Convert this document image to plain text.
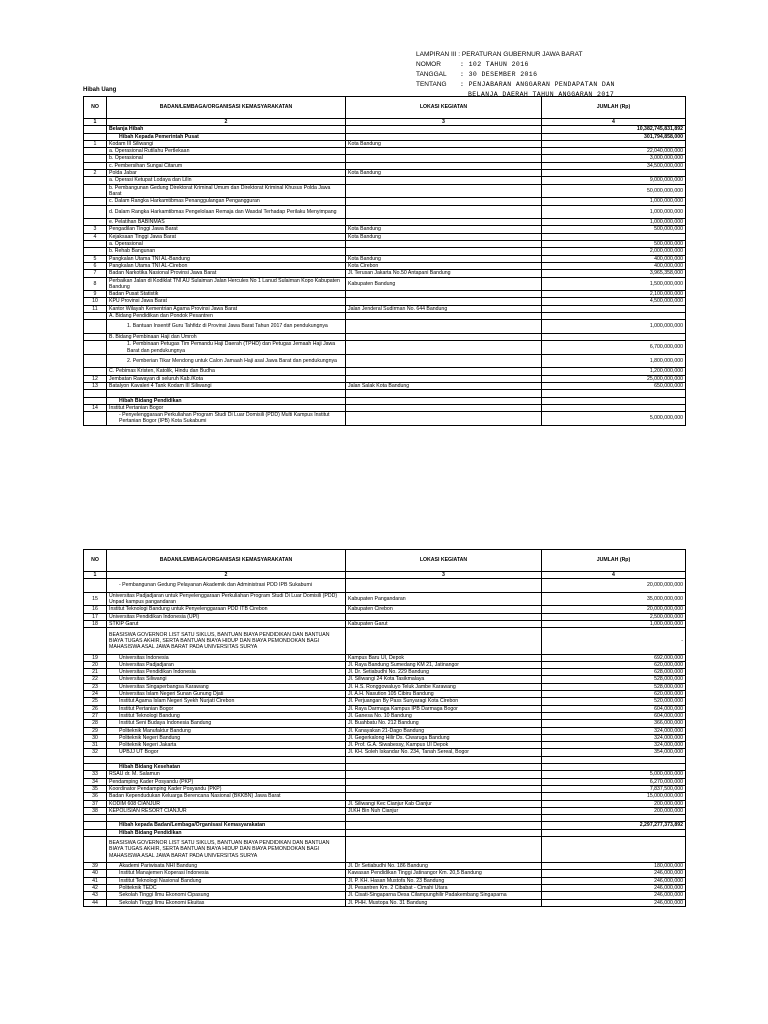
LAMPIRAN III : PERATURAN GUBERNUR JAWA BARAT
NOMOR	: 102 TAHUN 2016
TANGGAL : 30 DESEMBER 2016
TENTANG : PENJABARAN ANGGARAN PENDAPATAN DAN
BELANJA DAERAH TAHUN ANGGARAN 2017
Hibah Uang
NO	BADAN/LEMBAGA/ORGANISASI KEMASYARAKATAN	LOKASI KEGIATAN	JUMLAH (Rp)
1	2	3	4
	Belanja Hibah		10,382,745,831,892
	Hibah Kepada Pemerintah Pusat		301,794,858,000
1	Kodam III Siliwangi	Kota Bandung	
	a. Operasional Rutilahu Pertlekaan		22,040,000,000
	b. Operasional		3,000,000,000
	c. Pembersihan Sungai Citarum		34,500,000,000
2	Polda Jabar	Kota Bandung	
	a. Operasi Ketupat Lodaya dan Lilin		9,000,000,000
	b. Pembangunan Gedung Direktorat Kriminal Umum dan Direktorat Kriminal Khusus Polda Jawa Barat		50,000,000,000
	c. Dalam Rangka Harkamtibmas Penanggulangan Pengangguran		1,000,000,000
	d. Dalam Rangka Harkamtibmas Pengelolaan Remaja dan Wasdal Terhadap Perilaku Menyimpang		1,000,000,000
	e. Pelatihan BABINMAS		1,000,000,000
3	Pengadilan Tinggi Jawa Barat	Kota Bandung	500,000,000
4	Kejaksaan Tinggi Jawa Barat	Kota Bandung	
	a. Operasional		500,000,000
	b. Rehab Bangunan		2,000,000,000
5	Pangkalan Utama TNI AL-Bandung	Kota Bandung	400,000,000
6	Pangkalan Utama TNI AL-Cirebon	Kota Cirebon	400,000,000
7	Badan Narkotika Nasional Provinsi Jawa Barat	Jl. Terusan Jakarta No.50 Antapani Bandung	3,965,358,000
8	Perbaikan Jalan di Kodiklat TNI AU Sulaiman Jalan Hercules No 1 Lanud Sulaiman Kopo Kabupaten Bandung	Kabupaten Bandung	1,500,000,000
9	Badan Pusat Statistik		2,100,000,000
10	KPU Provinsi Jawa Barat		4,500,000,000
11	Kantor Wilayah Kementrian Agama Provinsi Jawa Barat	Jalan Jenderal Sudirman No. 644 Bandung	
	A. Bidang Pendidikan dan Pondok Pesantren		
	1. Bantuan Insentif Guru Tahfidz di Provinsi Jawa Barat Tahun 2017 dan pendukungnya		1,000,000,000
	B. Bidang Pembinaan Haji dan Umroh		
	1. Pembinaan Petugas Tim Pemandu Haji Daerah (TPHD) dan Petugas Jemaah Haji Jawa Barat dan pendukungnya		6,700,000,000
	2. Pemberian Tikar Mendong untuk Calon Jamaah Haji asal Jawa Barat dan pendukungnya		1,800,000,000
	C. Pebimas Kristen, Katolik, Hindu dan Budha		1,200,000,000
12	Jembatan Rawayan di seluruh Kab./Kota		25,000,000,000
13	Batalyon Kavaleri 4 Tank Kodam III Siliwangi	Jalan Salak Kota Bandung	650,000,000

	Hibah Bidang Pendidikan		
14	Institut Pertanian Bogor		
	- Penyelenggaraan Perkuliahan Program Studi Di Luar Domisili (PDD) Multi Kampus Institut Pertanian Bogor (IPB) Kota Sukabumi		5,000,000,000
NO	BADAN/LEMBAGA/ORGANISASI KEMASYARAKATAN	LOKASI KEGIATAN	JUMLAH (Rp)
1	2	3	4
	- Pembangunan Gedung Pelayanan Akademik dan Administrasi PDD IPB Sukabumi		20,000,000,000
15	Universitas Padjadjaran untuk Penyelenggaraan Perkuliahan Program Studi Di Luar Domisili (PDD) Unpad kampus pangandaran	Kabupaten Pangandaran	35,000,000,000
16	Institut Teknologi Bandung untuk Penyelenggaraan PDD ITB Cirebon	Kabupaten Cirebon	20,000,000,000
17	Universitas Pendidikan Indonesia (UPI)		2,500,000,000
18	STKIP Garut	Kabupaten Garut	1,000,000,000
	BEASISWA GOVERNOR LIST SATU SIKLUS, BANTUAN BIAYA PENDIDIKAN DAN BANTUAN BIAYA TUGAS AKHIR, SERTA BANTUAN BIAYA HIDUP DAN BIAYA PEMONDOKAN BAGI MAHASISWA ASAL JAWA BARAT PADA UNIVERSITAS SURYA		-
19	Universitas Indonesia	Kampus Baru UI, Depok	692,000,000
20	Universitas Padjadjaran	Jl. Raya Bandung Sumedang KM 21, Jatinangor	620,000,000
21	Universitas Pendidikan Indonesia	Jl. Dr. Setiabudhi No. 229 Bandung	628,000,000
22	Universitas Siliwangi	Jl. Siliwangi 24 Kota Tasikmalaya	528,000,000
23	Universitas Singaperbangsa Karawang	Jl. H.S. Ronggowaluyo Teluk Jambe Karawang	528,000,000
24	Universitas Islam Negeri Sunan Gunung Djati	Jl. A.H. Nasution 105 Cibiru Bandung	620,000,000
25	Institut Agama Islam Negeri Syekh Nurjati Cirebon	Jl. Perjuangan By Pass Sunyaragi Kota Cirebon	520,000,000
26	Institut Pertanian Bogor	Jl. Raya Darmaga Kampus IPB Darmaga Bogor	604,000,000
27	Institut Teknologi Bandung	Jl. Ganesa No. 10 Bandung	604,000,000
28	Institut Seni Budaya Indonesia Bandung	Jl. Buahbatu No. 212 Bandung	366,000,000
29	Politeknik Manufaktur Bandung	Jl. Kanayakan 21-Dago Bandung	324,000,000
30	Politeknik Negeri Bandung	Jl. Gegerkalong Hilir Ds. Ciwaruga Bandung	324,000,000
31	Politeknik Negeri Jakarta	Jl. Prof. G.A. Siwabessy, Kampus UI Depok	324,000,000
32	UPBJJ UT Bogor	Jl. KH. Soleh Iskandar No. 234, Tanah Sereal, Bogor	354,000,000

	Hibah Bidang Kesehatan		
33	RSAU dr. M. Salamun		5,000,000,000
34	Pendamping Kader Posyandu (PKP)		6,270,000,000
35	Koordinator Pendamping Kader Posyandu (PKP)		7,837,500,000
36	Badan Kependudukan Keluarga Berencana Nasional (BKKBN) Jawa Barat		15,000,000,000
37	KODIM 608 CIANJUR	Jl. Siliwangi Kec Cianjur Kab Cianjur	200,000,000
38	KEPOLISIAN RESORT CIANJUR	Jl.KH Bin Nuh Cianjur	200,000,000

	Hibah kepada Badan/Lembaga/Organisasi Kemasyarakatan		2,297,277,373,892
	Hibah Bidang Pendidikan		
	BEASISWA GOVERNOR LIST SATU SIKLUS, BANTUAN BIAYA PENDIDIKAN DAN BANTUAN BIAYA TUGAS AKHIR, SERTA BANTUAN BIAYA HIDUP DAN BIAYA PEMONDOKAN BAGI MAHASISWA ASAL JAWA BARAT PADA UNIVERSITAS SURYA		
39	Akademi Pariwisata NHI Bandung	Jl. Dr Setiabudhi No. 186 Bandung	180,000,000
40	Institut Manajemen Koperasi Indonesia	Kawasan Pendidikan Tinggi Jatinangor Km. 20,5 Bandung	246,000,000
41	Institut Teknologi Nasional Bandung	Jl. P. KH. Hasan Mustofa No. 23 Bandung	246,000,000
42	Politeknik TEDC	Jl. Pesantren Km. 2 Cibabat - Cimahi Utara	246,000,000
43	Sekolah Tinggi Ilmu Ekonomi Cipasung	Jl. Cisati-Singaparna Desa Cilampunghilir Padakembang Singaparna	246,000,000
44	Sekolah Tinggi Ilmu Ekonomi Ekuitas	Jl. PHH. Mustopa No. 31 Bandung	246,000,000
